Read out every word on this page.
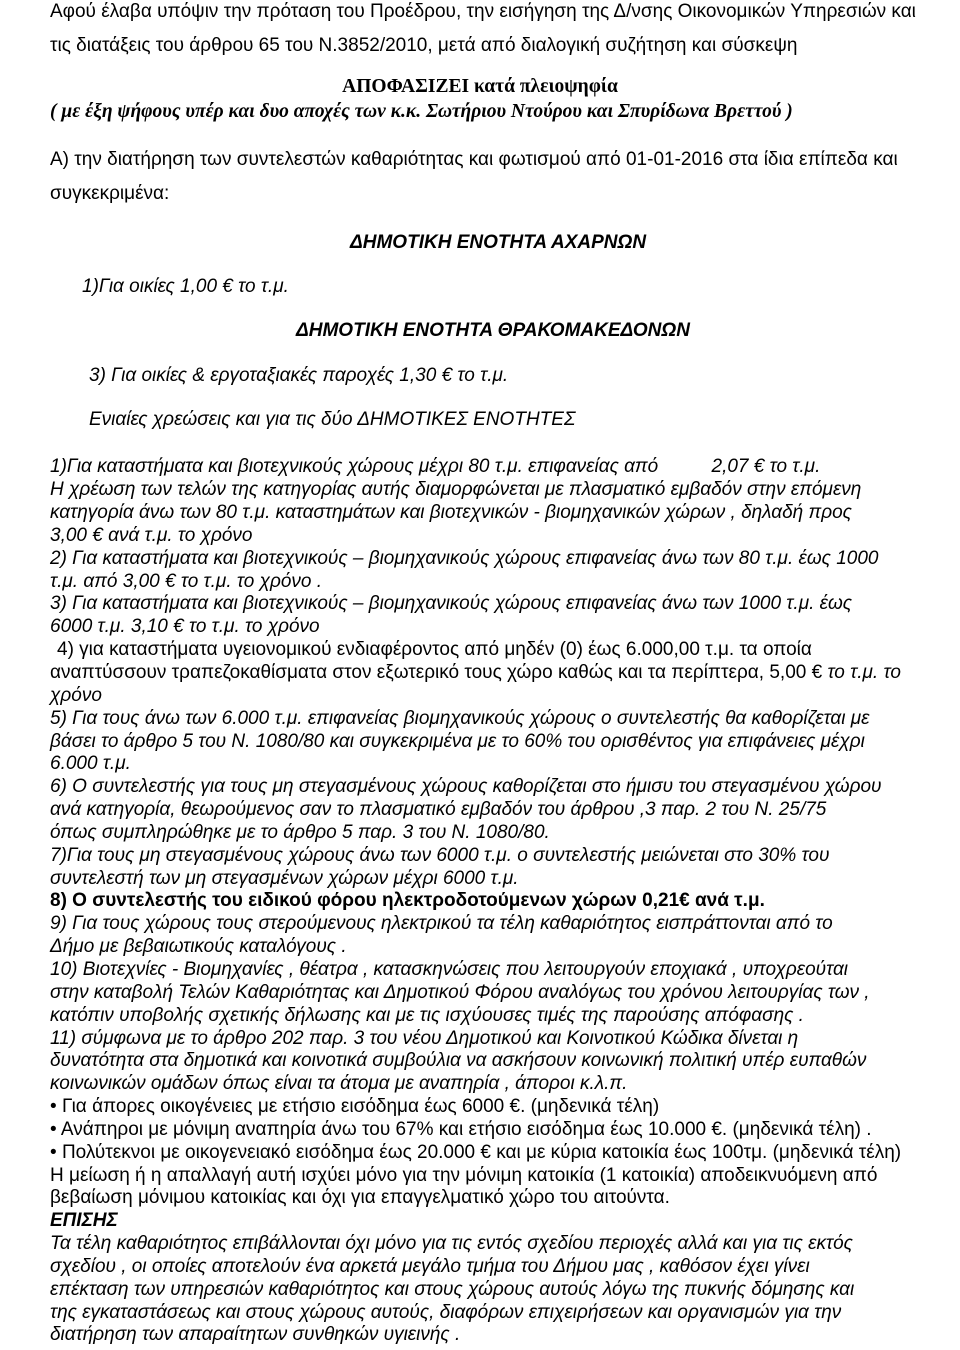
Αφού έλαβα υπόψιν την πρόταση του Προέδρου, την εισήγηση της Δ/νσης Οικονομικών Υπηρεσιών και
τις διατάξεις του άρθρου 65 του Ν.3852/2010, μετά από διαλογική συζήτηση και σύσκεψη
ΑΠΟΦΑΣΙΖΕΙ κατά πλειοψηφία
( με έξη ψήφους υπέρ και δυο αποχές των κ.κ. Σωτήριου Ντούρου και Σπυρίδωνα Βρεττού )
Α) την διατήρηση των συντελεστών καθαριότητας και φωτισμού από 01-01-2016 στα ίδια επίπεδα και
συγκεκριμένα:
ΔΗΜΟΤΙΚΗ ΕΝΟΤΗΤΑ ΑΧΑΡΝΩΝ
1)Για οικίες 1,00 € το τ.μ.
ΔΗΜΟΤΙΚΗ ΕΝΟΤΗΤΑ ΘΡΑΚΟΜΑΚΕΔΟΝΩΝ
3) Για οικίες & εργοταξιακές παροχές 1,30 € το τ.μ.
Ενιαίες χρεώσεις και για τις δύο ΔΗΜΟΤΙΚΕΣ ΕΝΟΤΗΤΕΣ
1)Για καταστήματα και βιοτεχνικούς χώρους μέχρι 80 τ.μ. επιφανείας από	2,07 € το τ.μ.
Η χρέωση των τελών της κατηγορίας αυτής διαμορφώνεται με πλασματικό εμβαδόν στην επόμενη
κατηγορία άνω των 80 τ.μ. καταστημάτων και βιοτεχνικών - βιομηχανικών χώρων , δηλαδή προς
3,00 € ανά τ.μ. το χρόνο
2) Για καταστήματα και βιοτεχνικούς – βιομηχανικούς χώρους επιφανείας άνω των 80 τ.μ. έως 1000
τ.μ. από 3,00 € το τ.μ. το χρόνο .
3) Για καταστήματα και βιοτεχνικούς – βιομηχανικούς χώρους επιφανείας άνω των 1000 τ.μ. έως
6000 τ.μ. 3,10 € το τ.μ. το χρόνο
4) για καταστήματα υγειονομικού ενδιαφέροντος από μηδέν (0) έως 6.000,00 τ.μ. τα οποία
αναπτύσσουν τραπεζοκαθίσματα στον εξωτερικό τους χώρο καθώς και τα περίπτερα, 5,00 € το τ.μ. το
χρόνο
5) Για τους άνω των 6.000 τ.μ. επιφανείας βιομηχανικούς χώρους ο συντελεστής θα καθορίζεται με
βάσει το άρθρο 5 του Ν. 1080/80 και συγκεκριμένα με το 60% του ορισθέντος για επιφάνειες μέχρι
6.000 τ.μ.
6) Ο συντελεστής για τους μη στεγασμένους χώρους καθορίζεται στο ήμισυ του στεγασμένου χώρου
ανά κατηγορία, θεωρούμενος σαν το πλασματικό εμβαδόν του άρθρου ,3 παρ. 2 του Ν. 25/75
όπως συμπληρώθηκε με το άρθρο 5 παρ. 3 του Ν. 1080/80.
7)Για τους μη στεγασμένους χώρους άνω των 6000 τ.μ. ο συντελεστής μειώνεται στο 30% του
συντελεστή των μη στεγασμένων χώρων μέχρι 6000 τ.μ.
8) Ο συντελεστής του ειδικού φόρου ηλεκτροδοτούμενων χώρων 0,21€ ανά τ.μ.
9) Για τους χώρους τους στερούμενους ηλεκτρικού τα τέλη καθαριότητος εισπράττονται από το
Δήμο με βεβαιωτικούς καταλόγους .
10) Βιοτεχνίες - Βιομηχανίες , θέατρα , κατασκηνώσεις που λειτουργούν εποχιακά , υποχρεούται
στην καταβολή Τελών Καθαριότητας και Δημοτικού Φόρου αναλόγως του χρόνου λειτουργίας των ,
κατόπιν υποβολής σχετικής δήλωσης και με τις ισχύουσες τιμές της παρούσης απόφασης .
11) σύμφωνα με το άρθρο 202 παρ. 3 του νέου Δημοτικού και Κοινοτικού Κώδικα δίνεται η
δυνατότητα στα δημοτικά και κοινοτικά συμβούλια να ασκήσουν κοινωνική πολιτική υπέρ ευπαθών
κοινωνικών ομάδων όπως είναι τα άτομα με αναπηρία , άποροι κ.λ.π.
• Για άπορες οικογένειες με ετήσιο εισόδημα έως 6000 €. (μηδενικά τέλη)
• Ανάπηροι με μόνιμη αναπηρία άνω του 67% και ετήσιο εισόδημα έως 10.000 €. (μηδενικά τέλη) .
• Πολύτεκνοι με οικογενειακό εισόδημα έως 20.000 € και με κύρια κατοικία έως 100τμ. (μηδενικά τέλη)
Η μείωση ή η απαλλαγή αυτή ισχύει μόνο για την μόνιμη κατοικία (1 κατοικία) αποδεικνυόμενη από
βεβαίωση μόνιμου κατοικίας και όχι για επαγγελματικό χώρο του αιτούντα.
ΕΠΙΣΗΣ
Τα τέλη καθαριότητος επιβάλλονται όχι μόνο για τις εντός σχεδίου περιοχές αλλά και για τις εκτός
σχεδίου , οι οποίες αποτελούν ένα αρκετά μεγάλο τμήμα του Δήμου μας , καθόσον έχει γίνει
επέκταση των υπηρεσιών καθαριότητος και στους χώρους αυτούς λόγω της πυκνής δόμησης και
της εγκαταστάσεως και στους χώρους αυτούς, διαφόρων επιχειρήσεων και οργανισμών για την
διατήρηση των απαραίτητων συνθηκών υγιεινής .
